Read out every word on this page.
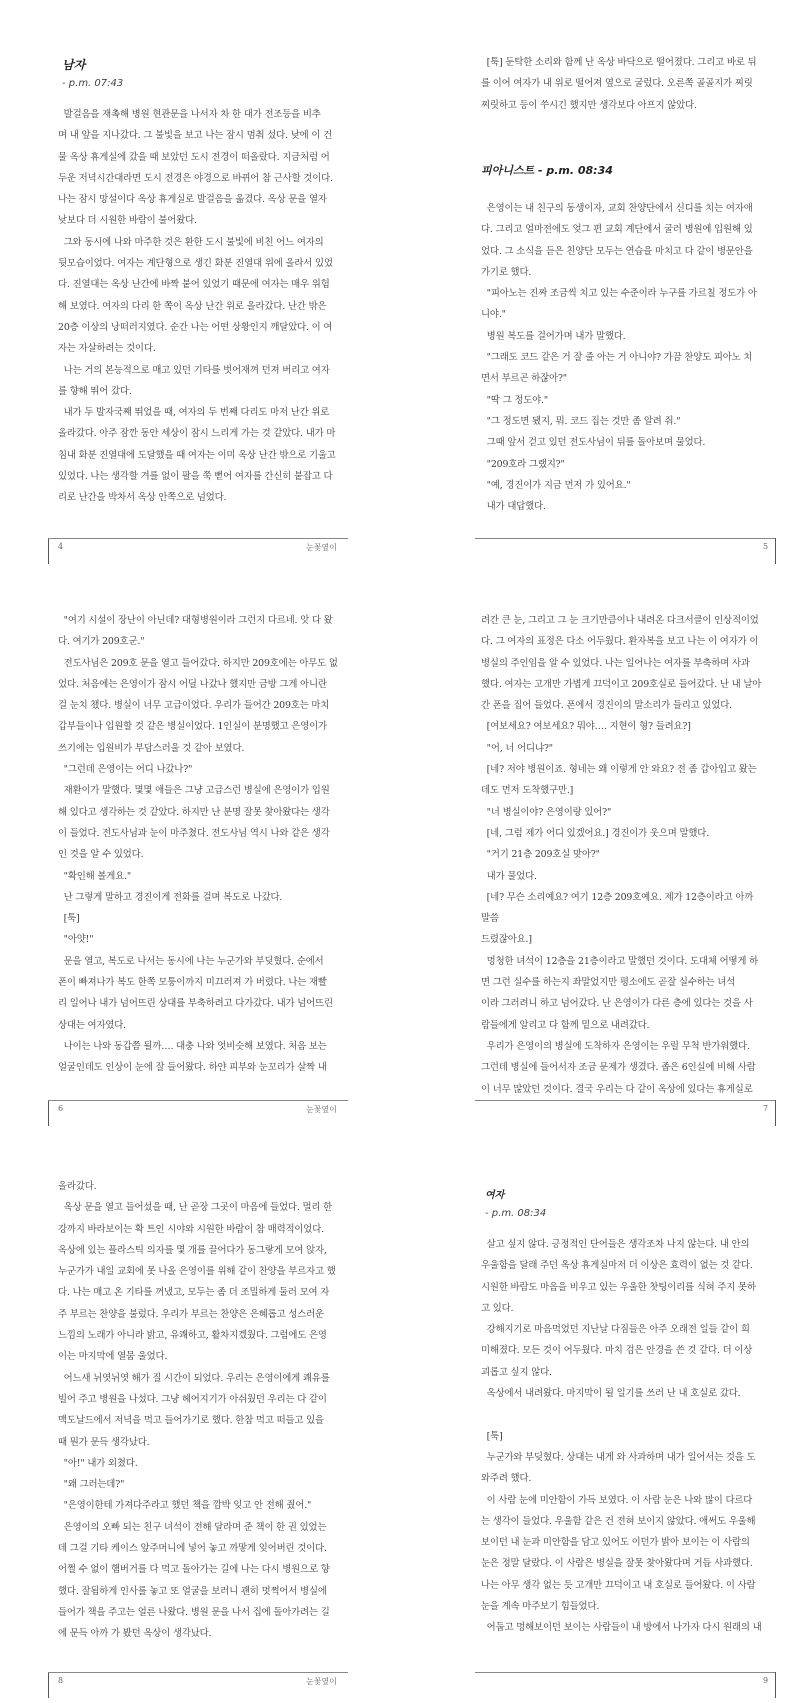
남자
- p.m. 07:43
발걸음을 재촉해 병원 현관문을 나서자 차 한 대가 전조등을 비추
며 내 앞을 지나갔다. 그 불빛을 보고 나는 잠시 멈춰 섰다. 낮에 이 건
물 옥상 휴게실에 갔을 때 보았던 도시 전경이 떠올랐다. 지금처럼 어
두운 저녁시간대라면 도시 전경은 야경으로 바뀌어 참 근사할 것이다.
나는 잠시 망설이다 옥상 휴게실로 발걸음을 옮겼다. 옥상 문을 열자
낮보다 더 시원한 바람이 불어왔다.
그와 동시에 나와 마주한 것은 환한 도시 불빛에 비친 어느 여자의
뒷모습이었다. 여자는 계단형으로 생긴 화분 진열대 위에 올라서 있었
다. 진열대는 옥상 난간에 바짝 붙어 있었기 때문에 여자는 매우 위험
해 보였다. 여자의 다리 한 쪽이 옥상 난간 위로 올라갔다. 난간 밖은
20층 이상의 낭떠러지였다. 순간 나는 어떤 상황인지 깨달았다. 이 여
자는 자살하려는 것이다.
나는 거의 본능적으로 매고 있던 기타를 벗어재껴 던져 버리고 여자
를 향해 뛰어 갔다.
내가 두 발자국째 뛰었을 때, 여자의 두 번째 다리도 마저 난간 위로
올라갔다. 아주 잠깐 동안 세상이 잠시 느리게 가는 것 같았다. 내가 마
침내 화분 진열대에 도달했을 때 여자는 이미 옥상 난간 밖으로 기울고
있었다. 나는 생각할 겨를 없이 팔을 쭉 뻗어 여자를 간신히 붙잡고 다
리로 난간을 박차서 옥상 안쪽으로 넘었다.
4	눈꽃옆이
[툭] 둔탁한 소리와 함께 난 옥상 바닥으로 떨어졌다. 그리고 바로 뒤
를 이어 여자가 내 위로 떨어져 옆으로 굴렀다. 오른쪽 골골지가 찌릿
찌릿하고 등이 쑤시긴 했지만 생각보다 아프지 않았다.
피아니스트 - p.m. 08:34
은영이는 내 친구의 동생이자, 교회 찬양단에서 신디를 치는 여자애
다. 그리고 얼마전에도 엊그 편 교회 계단에서 굴러 병원에 입원해 있
었다. 그 소식을 듣은 친양단 모두는 연습을 마치고 다 같이 병문안을
가기로 했다.
"피아노는 진짜 조금씩 치고 있는 수준이라 누구를 가르칠 정도가 아
니야."
병원 복도를 걸어가며 내가 말했다.
"그래도 코드 같은 거 잘 줄 아는 거 아니야? 가끔 찬양도 피아노 치
면서 부르곤 하잖아?"
"딱 그 정도야."
"그 정도면 됐지, 뭐. 코드 집는 것만 좀 알려 줘."
그때 앞서 걷고 있던 전도사님이 뒤를 돌아보며 물었다.
"209호라 그랬지?"
"예, 경진이가 지금 먼저 가 있어요."
내가 대답했다.
5
"여기 시설이 장난이 아닌데? 대형병원이라 그런지 다르네. 앗 다 왔
다. 여기가 209호군."
전도사님은 209호 문을 열고 들어갔다. 하지만 209호에는 아무도 없
었다. 처음에는 은영이가 잠시 어딜 나갔나 했지만 금방 그게 아니란
걸 눈치 챘다. 병실이 너무 고급이었다. 우리가 들어간 209호는 마치
갑부들이나 입원할 것 같은 병실이었다. 1인실이 분명했고 은영이가
쓰기에는 입원비가 부담스러울 것 같아 보였다.
"그런데 은영이는 어디 나갔나?"
재환이가 말했다. 몇몇 애들은 그냥 고급스런 병실에 은영이가 입원
해 있다고 생각하는 것 같았다. 하지만 난 분명 잘못 찾아왔다는 생각
이 들었다. 전도사님과 눈이 마주쳤다. 전도사님 역시 나와 같은 생각
인 것을 알 수 있었다.
"확인해 볼게요."
난 그렇게 말하고 경진이게 전화를 걸며 복도로 나갔다.
[툭]
"아얏!"
문을 열고, 복도로 나서는 동시에 나는 누군가와 부딪혔다. 순에서
폰이 빠져나가 복도 한쪽 모퉁이까지 미끄러져 가 버렸다. 나는 재빨
리 일어나 내가 넘어뜨린 상대를 부축하려고 다가갔다. 내가 넘어뜨린
상대는 여자였다.
나이는 나와 동갑쯤 될까…. 대충 나와 엇비슷해 보였다. 처음 보는
얼굴인데도 인상이 눈에 잘 들어왔다. 하얀 피부와 눈꼬리가 살짝 내
6	눈꽃옆이
려간 큰 눈, 그리고 그 눈 크기만큼이나 내려온 다크서클이 인상적이었
다. 그 여자의 표정은 다소 어두웠다. 환자복을 보고 나는 이 여자가 이
병실의 주인임을 알 수 있었다. 나는 일어나는 여자를 부축하며 사과
했다. 여자는 고개만 가볍게 끄덕이고 209호실로 들어갔다. 난 내 날아
간 폰을 집어 들었다. 폰에서 경진이의 말소리가 들리고 있었다.
[여보세요? 여보세요? 뭐야…. 지현이 형? 들려요?]
"어, 너 어디냐?"
[네? 저야 병원이죠. 형네는 왜 이렇게 안 와요? 전 좀 갑아입고 왔는
데도 먼저 도착했구만.]
"너 병실이야? 은영이랑 있어?"
[네, 그럼 제가 어디 있겠어요.] 경진이가 웃으며 말했다.
"거기 21층 209호실 맞아?"
내가 물었다.
[네? 무슨 소리예요? 여기 12층 209호예요. 제가 12층이라고 아까 말씀
드렸잖아요.]
멍청한 녀석이 12층을 21층이라고 말했던 것이다. 도대체 어떻게 하
면 그런 실수를 하는지 좌말었지만 평소에도 곧잘 실수하는 녀석
이라 그러려니 하고 넘어갔다. 난 은영이가 다른 층에 있다는 것을 사
람들에게 알리고 다 함께 밑으로 내려갔다.
우리가 은영이의 병실에 도착하자 은영이는 우릴 무척 반가워했다.
그런데 병실에 들어서자 조금 문제가 생겼다. 좁은 6인실에 비해 사람
이 너무 많았던 것이다. 결국 우리는 다 같이 옥상에 있다는 휴게실로
7
올라갔다.
옥상 문을 열고 들어섰을 때, 난 곧장 그곳이 마음에 들었다. 멀리 한
강까지 바라보이는 확 트인 시야와 시원한 바람이 참 매력적이었다.
옥상에 있는 플라스틱 의자를 몇 개를 끌어다가 동그랗게 모여 앉자,
누군가가 내일 교회에 못 나올 은영이를 위해 같이 찬양을 부르자고 했
다. 나는 매고 온 기타를 꺼냈고, 모두는 좀 더 조밀하게 둘러 모여 자
주 부르는 찬양을 불렀다. 우리가 부르는 찬양은 은혜롭고 성스러운
느낌의 노래가 아니라 밝고, 유쾌하고, 활차지겠웠다. 그럼에도 은영
이는 마지막에 열뭄 울었다.
어느새 뉘엿뉘엿 해가 질 시간이 되었다. 우리는 은영이에게 쾌유를
빌어 주고 병원을 나섰다. 그냥 헤어지기가 아쉬웠던 우리는 다 같이
맥도날드에서 저녁을 먹고 들어가기로 했다. 한참 먹고 떠들고 있을
때 뭔가 문득 생각났다.
"아!" 내가 외쳤다.
"왜 그러는데?"
"은영이한테 가져다주라고 했던 책을 깜박 잊고 안 전해 줬어."
은영이의 오빠 되는 친구 녀석이 전해 달라며 준 책이 한 권 있었는
데 그걸 기타 케이스 앞주머니에 넣어 놓고 까맣게 잊어버린 것이다.
어쩔 수 없이 햄버거를 다 먹고 돌아가는 길에 나는 다시 병원으로 향
했다. 잘됨하게 인사를 놓고 또 얼굴을 보러니 괜히 멋쩍어서 병실에
들어가 책을 주고는 얼른 나왔다. 병원 문을 나서 집에 돌아가려는 길
에 문득 아까 가 봤던 옥상이 생각났다.
8	눈꽃옆이
여자
- p.m. 08:34
살고 싶지 않다. 긍정적인 단어들은 생각조차 나지 않는다. 내 안의
우울함을 달래 주던 옥상 휴게실마저 더 이상은 효력이 없는 것 같다.
시원한 바람도 마음을 비우고 있는 우울한 찻팅이리를 식혀 주지 못하
고 있다.
강해지기로 마음먹었던 지난날 다짐들은 아주 오래전 일들 같이 희
미해졌다. 모든 것이 어두웠다. 마치 검은 안경을 쓴 것 같다. 더 이상
괴롭고 싶지 않다.
옥상에서 내려왔다. 마지막이 될 일기를 쓰러 난 내 호실로 갔다.

[툭]
누군가와 부딪혔다. 상대는 내게 와 사과하며 내가 일어서는 것을 도
와주려 했다.
이 사람 눈에 미안함이 가득 보였다. 이 사람 눈은 나와 많이 다르다
는 생각이 들었다. 우울함 같은 건 전혀 보이지 않았다. 애써도 우울해
보이던 내 눈과 미안함을 담고 있어도 이던가 밝아 보이는 이 사람의
눈은 정말 달랐다. 이 사람은 병실을 잘못 찾아왔다며 거듭 사과했다.
나는 아무 생각 없는 듯 고개만 끄덕이고 내 호실로 들어왔다. 이 사람
눈을 계속 마주보기 힘들었다.
어둡고 멍해보이던 보이는 사람들이 내 방에서 나가자 다시 원래의 내
9
